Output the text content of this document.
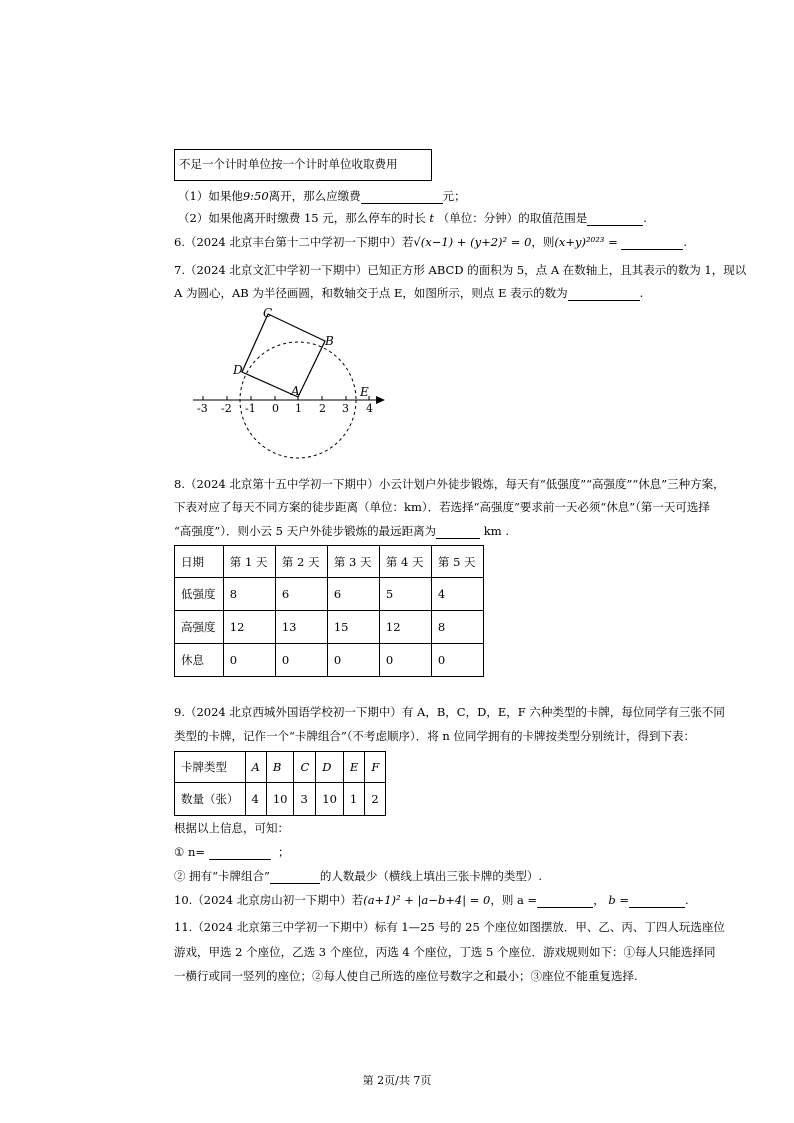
不足一个计时单位按一个计时单位收取费用
（1）如果他9:50离开，那么应缴费	元；
（2）如果他离开时缴费 15 元，那么停车的时长 t （单位：分钟）的取值范围是	.
6.（2024 北京丰台第十二中学初一下期中）若√(x−1) + (y+2)² = 0，则(x+y)²⁰²³ =	.
7.（2024 北京文汇中学初一下期中）已知正方形 ABCD 的面积为 5，点 A 在数轴上，且其表示的数为 1，现以
A 为圆心，AB 为半径画圆，和数轴交于点 E，如图所示，则点 E 表示的数为	.
-3 -2 -1 0 1 2 3 4
C
B
D
A	E
8.（2024 北京第十五中学初一下期中）小云计划户外徒步锻炼，每天有“低强度”“高强度”“休息”三种方案，
下表对应了每天不同方案的徒步距离（单位：km）．若选择“高强度”要求前一天必须“休息”（第一天可选择
“高强度”）．则小云 5 天户外徒步锻炼的最远距离为	km .
日期	第 1 天	第 2 天	第 3 天	第 4 天	第 5 天
低强度	8	6	6	5	4
高强度	12	13	15	12	8
休息	0	0	0	0	0
9.（2024 北京西城外国语学校初一下期中）有 A，B，C，D，E，F 六种类型的卡牌，每位同学有三张不同
类型的卡牌，记作一个“卡牌组合”（不考虑顺序）．将 n 位同学拥有的卡牌按类型分别统计，得到下表：
卡牌类型	A	B	C	D	E	F
数量（张）	4	10	3	10	1	2
根据以上信息，可知：
① n=	；
② 拥有“卡牌组合”	的人数最少（横线上填出三张卡牌的类型）.
10.（2024 北京房山初一下期中）若(a+1)² + |a−b+4| = 0，则 a =	， b =	.
11.（2024 北京第三中学初一下期中）标有 1—25 号的 25 个座位如图摆放．甲、乙、丙、丁四人玩选座位
游戏，甲选 2 个座位，乙选 3 个座位，丙选 4 个座位，丁选 5 个座位．游戏规则如下：①每人只能选择同
一横行或同一竖列的座位；②每人使自己所选的座位号数字之和最小；③座位不能重复选择.
第 2页/共 7页
